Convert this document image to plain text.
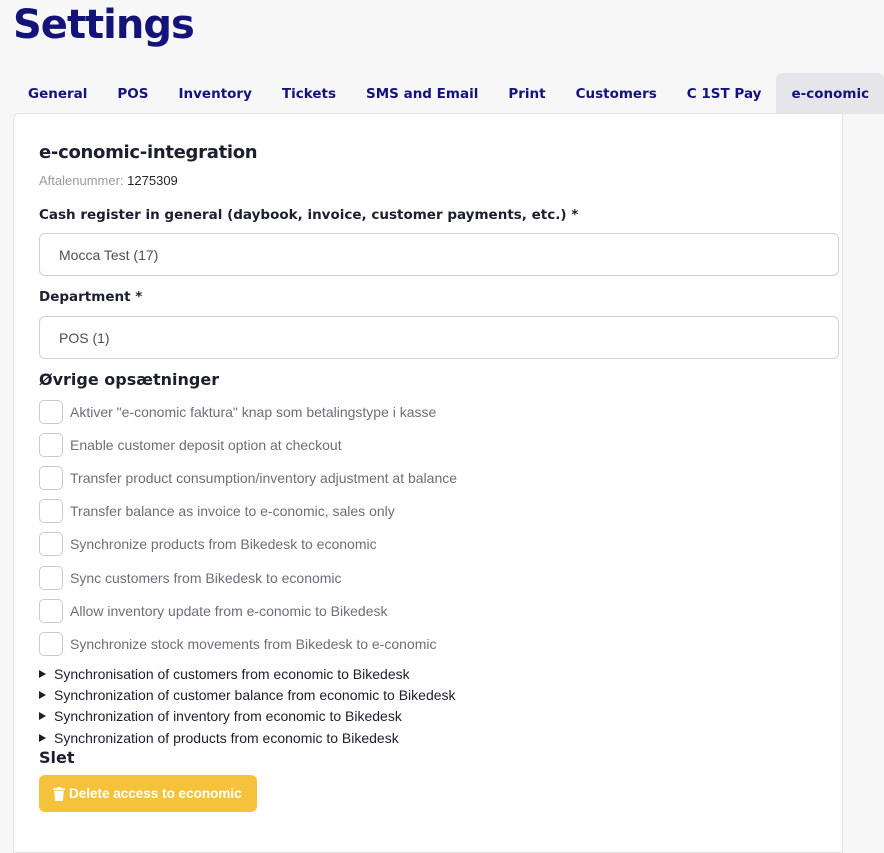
Settings
General	POS	Inventory	Tickets	SMS and Email	Print	Customers	C 1ST Pay	e-conomic
e-conomic-integration
Aftalenummer: 1275309
Cash register in general (daybook, invoice, customer payments, etc.) *
Mocca Test (17)
Department *
POS (1)
Øvrige opsætninger
Aktiver "e-conomic faktura" knap som betalingstype i kasse
Enable customer deposit option at checkout
Transfer product consumption/inventory adjustment at balance
Transfer balance as invoice to e-conomic, sales only
Synchronize products from Bikedesk to economic
Sync customers from Bikedesk to economic
Allow inventory update from e-conomic to Bikedesk
Synchronize stock movements from Bikedesk to e-conomic
Synchronisation of customers from economic to Bikedesk
Synchronization of customer balance from economic to Bikedesk
Synchronization of inventory from economic to Bikedesk
Synchronization of products from economic to Bikedesk
Slet
Delete access to economic
